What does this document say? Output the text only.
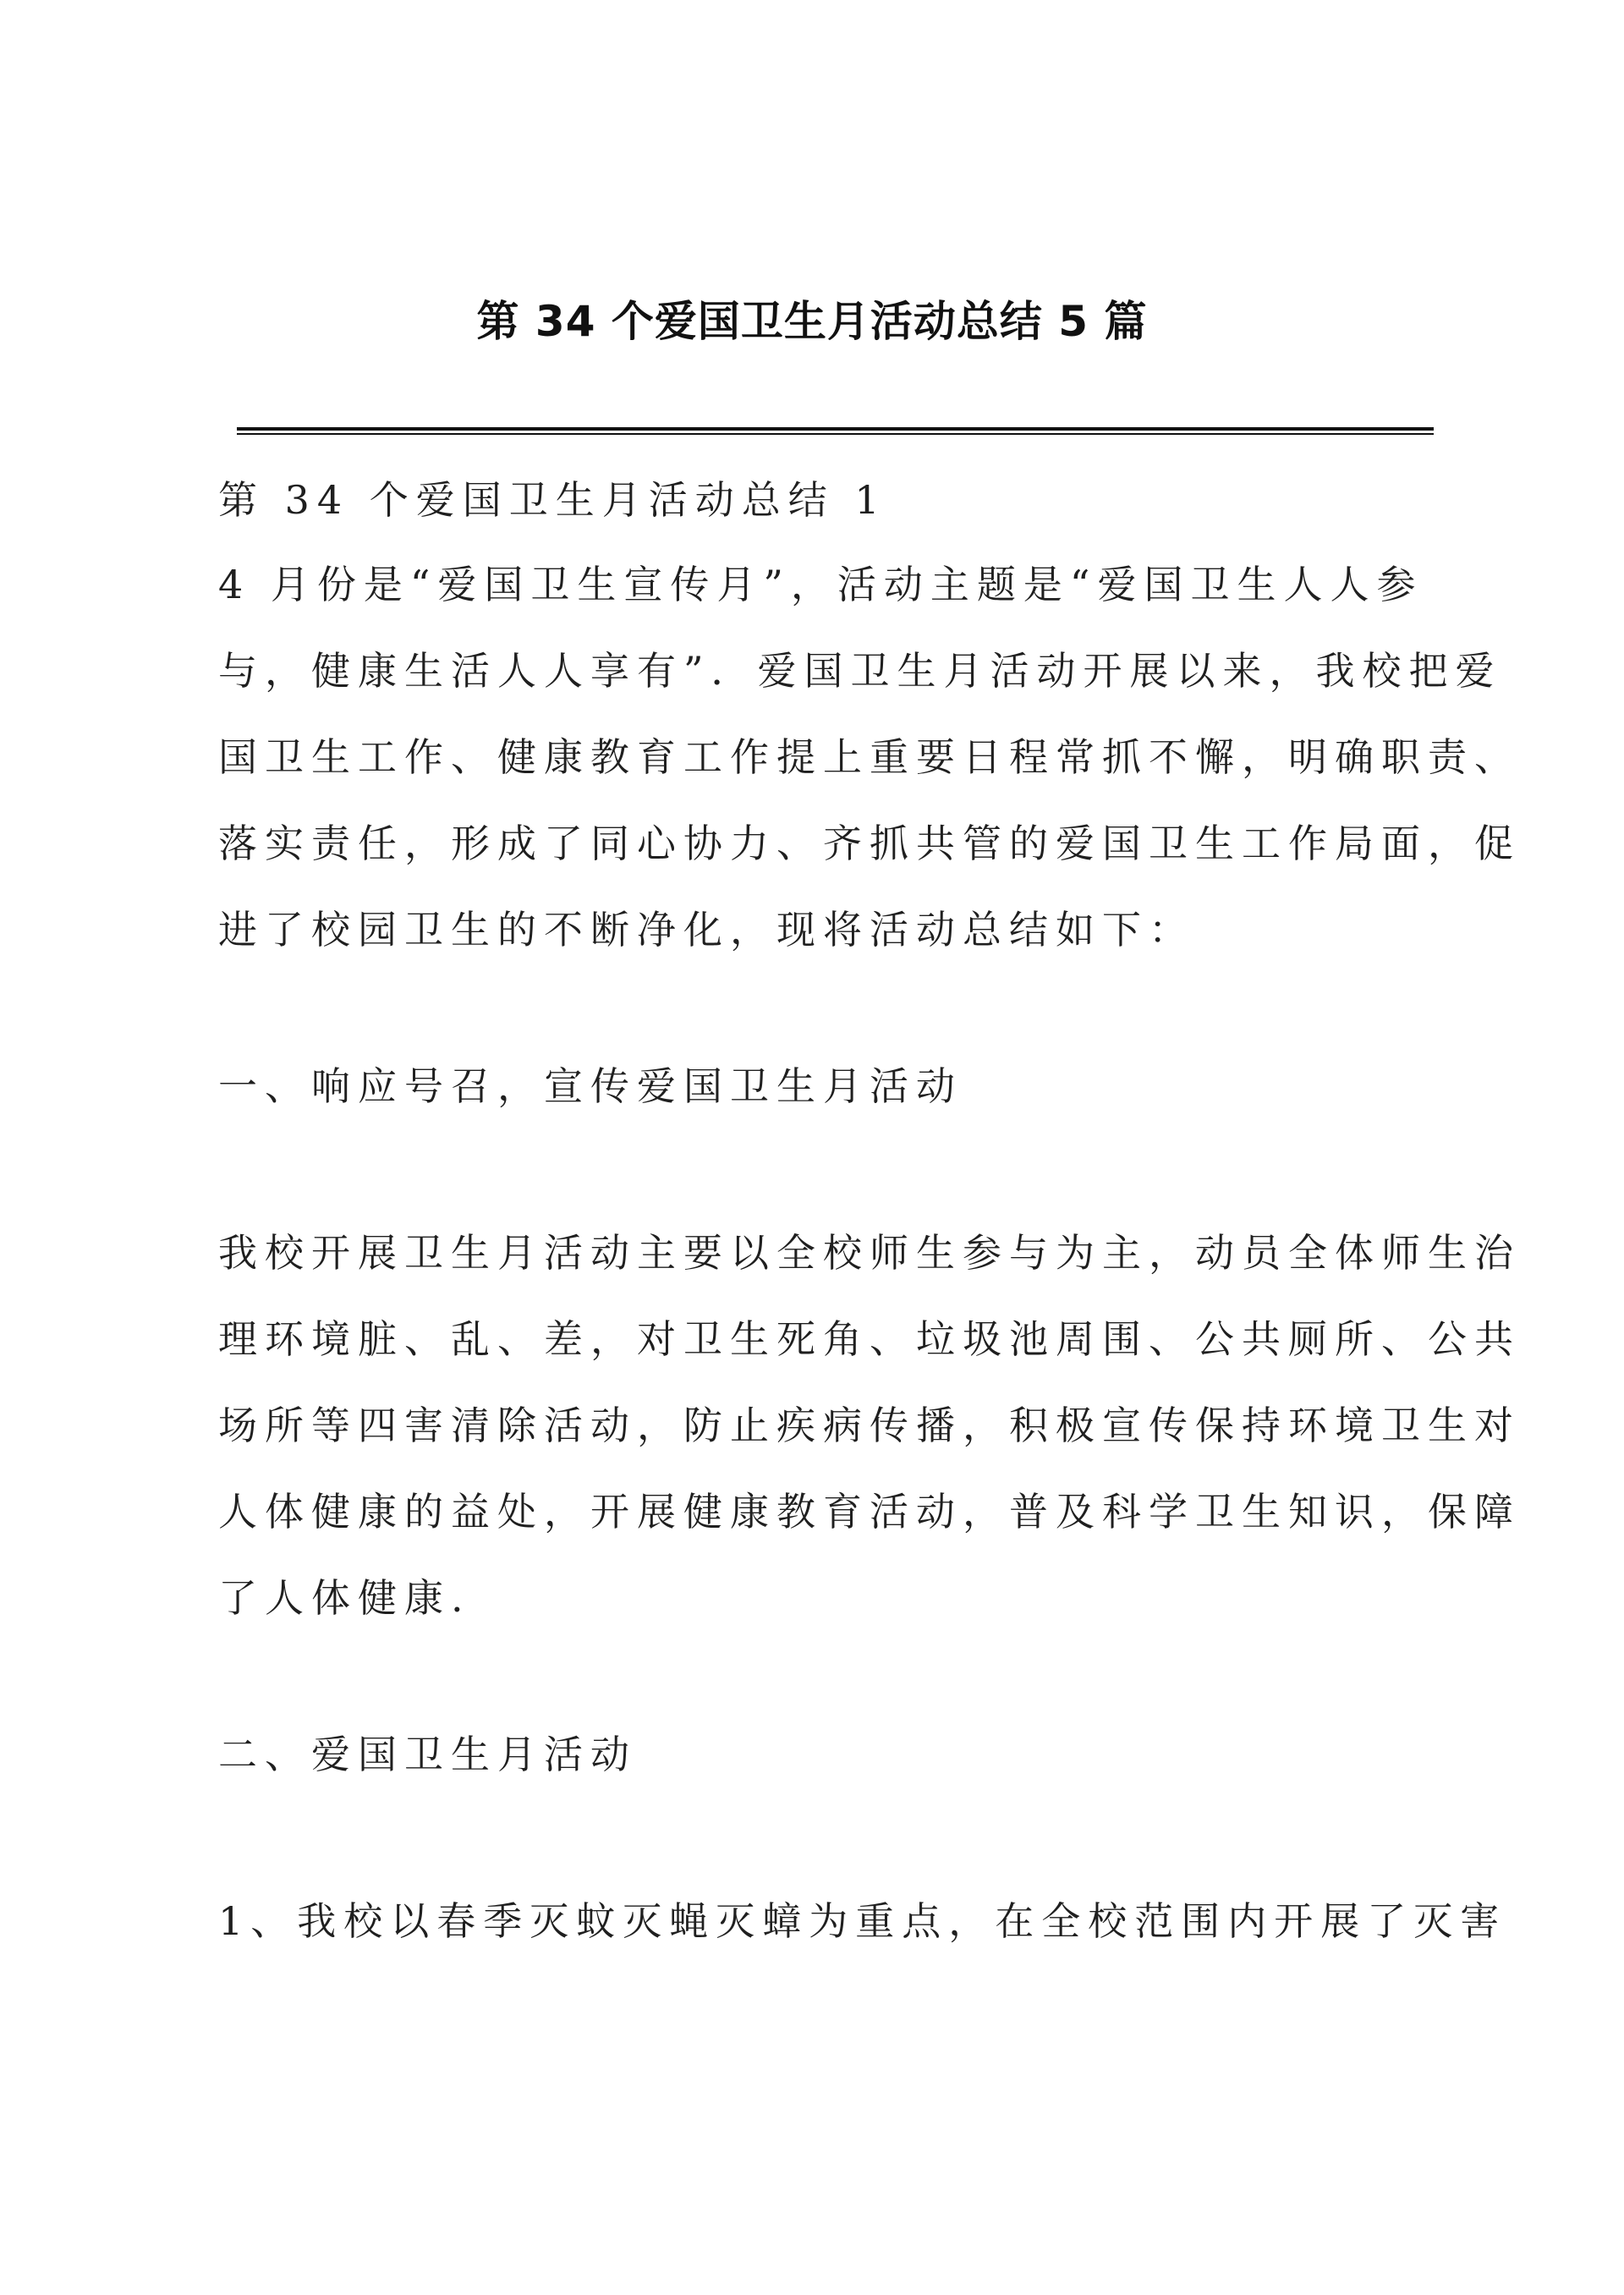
第 34 个爱国卫生月活动总结 5 篇
第 34 个爱国卫生月活动总结 1
4 月份是“爱国卫生宣传月”，活动主题是“爱国卫生人人参
与，健康生活人人享有”．爱国卫生月活动开展以来，我校把爱
国卫生工作、健康教育工作提上重要日程常抓不懈，明确职责、
落实责任，形成了同心协力、齐抓共管的爱国卫生工作局面，促
进了校园卫生的不断净化，现将活动总结如下：
一、响应号召，宣传爱国卫生月活动
我校开展卫生月活动主要以全校师生参与为主，动员全体师生治
理环境脏、乱、差，对卫生死角、垃圾池周围、公共厕所、公共
场所等四害清除活动，防止疾病传播，积极宣传保持环境卫生对
人体健康的益处，开展健康教育活动，普及科学卫生知识，保障
了人体健康.
二、爱国卫生月活动
1、我校以春季灭蚊灭蝇灭蟑为重点，在全校范围内开展了灭害
